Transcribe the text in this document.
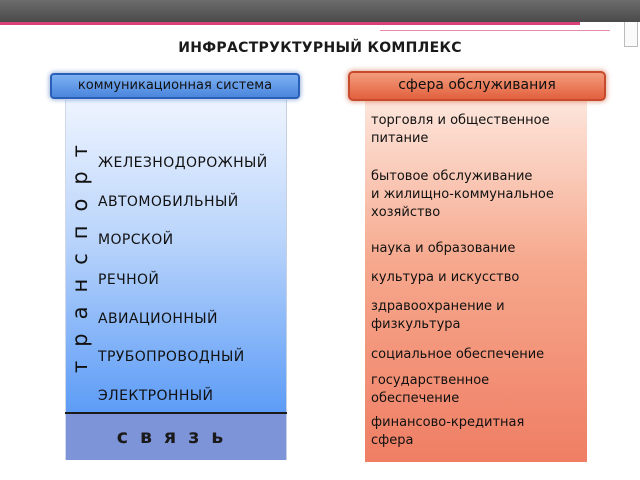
ИНФРАСТРУКТУРНЫЙ КОМПЛЕКС
связь
коммуникационная система
транспорт ЖЕЛЕЗНОДОРОЖНЫЙ
АВТОМОБИЛЬНЫЙ
МОРСКОЙ
РЕЧНОЙ
АВИАЦИОННЫЙ
ТРУБОПРОВОДНЫЙ
ЭЛЕКТРОННЫЙ
сфера обслуживания
торговля и общественное
питание
бытовое обслуживание
и жилищно-коммунальное
хозяйство
наука и образование
культура и искусство
здравоохранение и
физкультура
социальное обеспечение
государственное
обеспечение
финансово-кредитная
сфера
